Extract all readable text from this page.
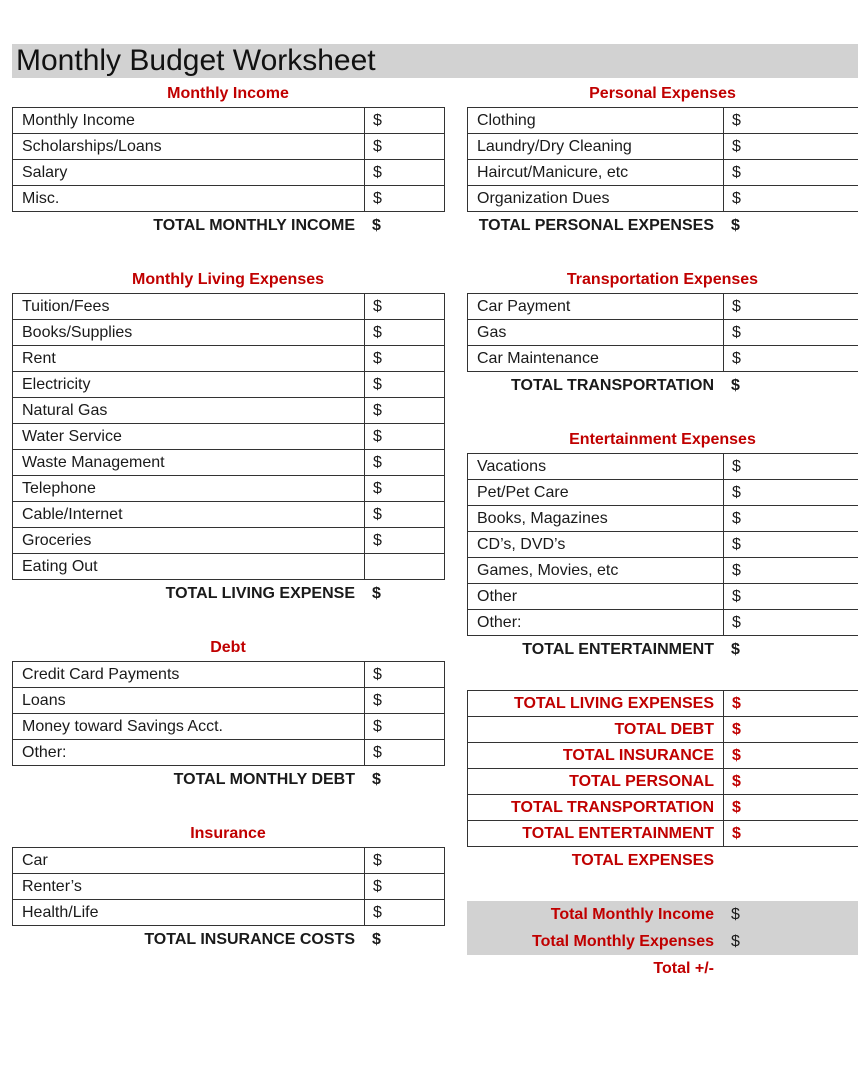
Monthly Budget Worksheet
Monthly Income
Monthly Income	$
Scholarships/Loans	$
Salary	$
Misc.	$
TOTAL MONTHLY INCOME	$
Monthly Living Expenses
Tuition/Fees	$
Books/Supplies	$
Rent	$
Electricity	$
Natural Gas	$
Water Service	$
Waste Management	$
Telephone	$
Cable/Internet	$
Groceries	$
Eating Out	
TOTAL LIVING EXPENSE	$
Debt
Credit Card Payments	$
Loans	$
Money toward Savings Acct.	$
Other:	$
TOTAL MONTHLY DEBT	$
Insurance
Car	$
Renter’s	$
Health/Life	$
TOTAL INSURANCE COSTS	$
Personal Expenses
Clothing	$
Laundry/Dry Cleaning	$
Haircut/Manicure, etc	$
Organization Dues	$
TOTAL PERSONAL EXPENSES	$
Transportation Expenses
Car Payment	$
Gas	$
Car Maintenance	$
TOTAL TRANSPORTATION	$
Entertainment Expenses
Vacations	$
Pet/Pet Care	$
Books, Magazines	$
CD’s, DVD’s	$
Games, Movies, etc	$
Other	$
Other:	$
TOTAL ENTERTAINMENT	$
TOTAL LIVING EXPENSES	$
TOTAL DEBT	$
TOTAL INSURANCE	$
TOTAL PERSONAL	$
TOTAL TRANSPORTATION	$
TOTAL ENTERTAINMENT	$
TOTAL EXPENSES
Total Monthly Income	$
Total Monthly Expenses	$
Total +/-
